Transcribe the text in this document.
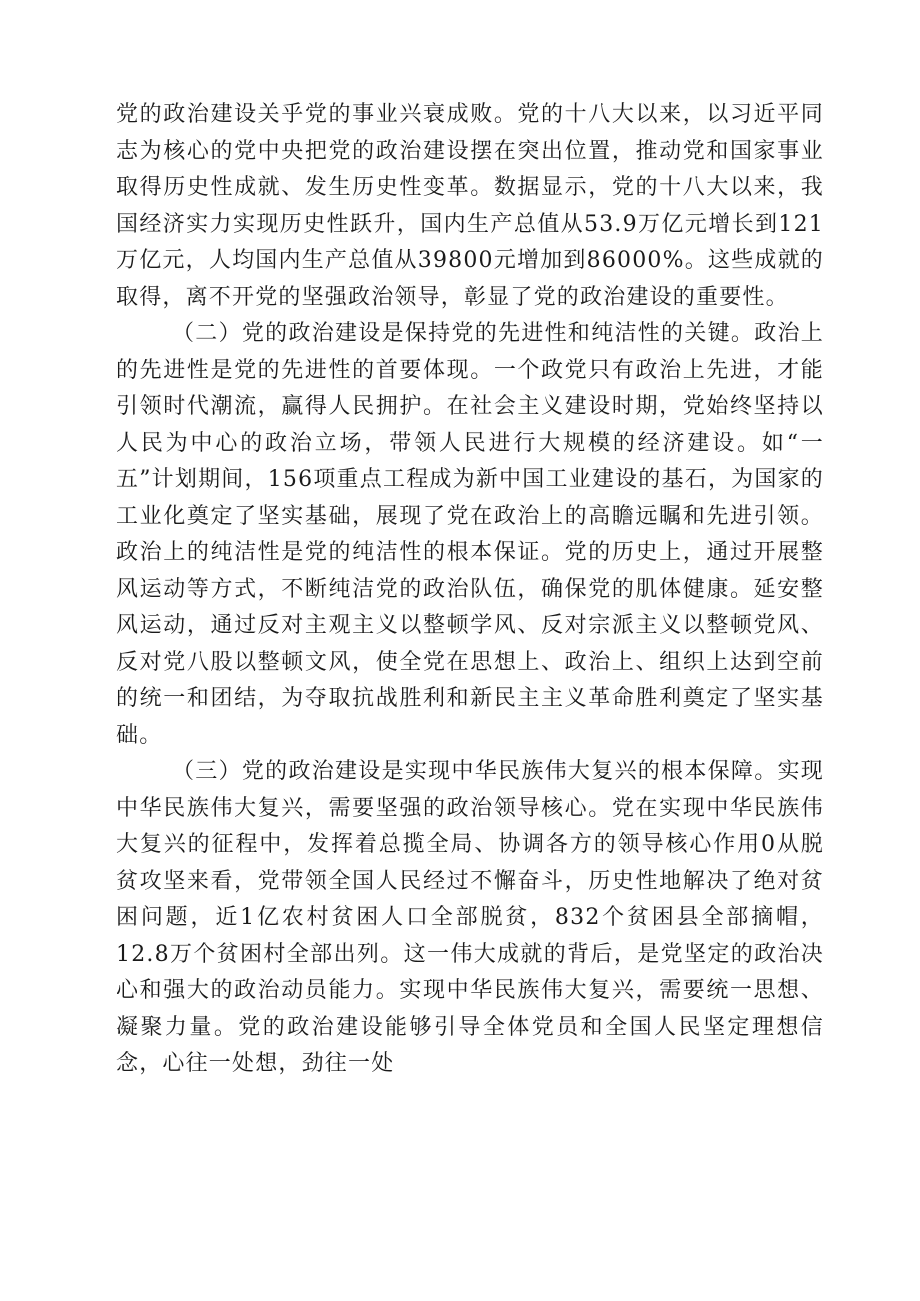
党的政治建设关乎党的事业兴衰成败。党的十八大以来，以习近平同志为核心的党中央把党的政治建设摆在突出位置，推动党和国家事业取得历史性成就、发生历史性变革。数据显示，党的十八大以来，我国经济实力实现历史性跃升，国内生产总值从53.9万亿元增长到121万亿元，人均国内生产总值从39800元增加到86000%。这些成就的取得，离不开党的坚强政治领导，彰显了党的政治建设的重要性。

（二）党的政治建设是保持党的先进性和纯洁性的关键。政治上的先进性是党的先进性的首要体现。一个政党只有政治上先进，才能引领时代潮流，赢得人民拥护。在社会主义建设时期，党始终坚持以人民为中心的政治立场，带领人民进行大规模的经济建设。如“一五”计划期间，156项重点工程成为新中国工业建设的基石，为国家的工业化奠定了坚实基础，展现了党在政治上的高瞻远瞩和先进引领。政治上的纯洁性是党的纯洁性的根本保证。党的历史上，通过开展整风运动等方式，不断纯洁党的政治队伍，确保党的肌体健康。延安整风运动，通过反对主观主义以整顿学风、反对宗派主义以整顿党风、反对党八股以整顿文风，使全党在思想上、政治上、组织上达到空前的统一和团结，为夺取抗战胜利和新民主主义革命胜利奠定了坚实基础。

（三）党的政治建设是实现中华民族伟大复兴的根本保障。实现中华民族伟大复兴，需要坚强的政治领导核心。党在实现中华民族伟大复兴的征程中，发挥着总揽全局、协调各方的领导核心作用0从脱贫攻坚来看，党带领全国人民经过不懈奋斗，历史性地解决了绝对贫困问题，近1亿农村贫困人口全部脱贫，832个贫困县全部摘帽，12.8万个贫困村全部出列。这一伟大成就的背后，是党坚定的政治决心和强大的政治动员能力。实现中华民族伟大复兴，需要统一思想、凝聚力量。党的政治建设能够引导全体党员和全国人民坚定理想信念，心往一处想，劲往一处
